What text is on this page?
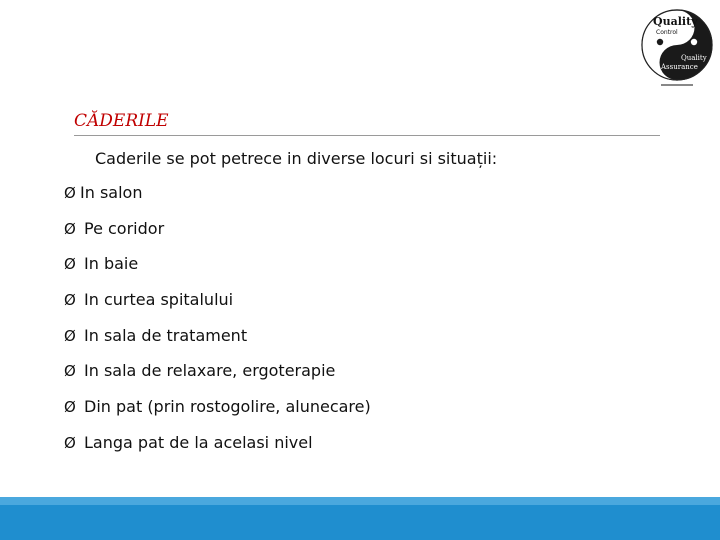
Quality
Control
Quality
Assurance
CĂDERILE
Caderile se pot petrece in diverse locuri si situații:
Ø In salon
Ø Pe coridor
Ø In baie
Ø In curtea spitalului
Ø In sala de tratament
Ø In sala de relaxare, ergoterapie
Ø Din pat (prin rostogolire, alunecare)
Ø Langa pat de la acelasi nivel
